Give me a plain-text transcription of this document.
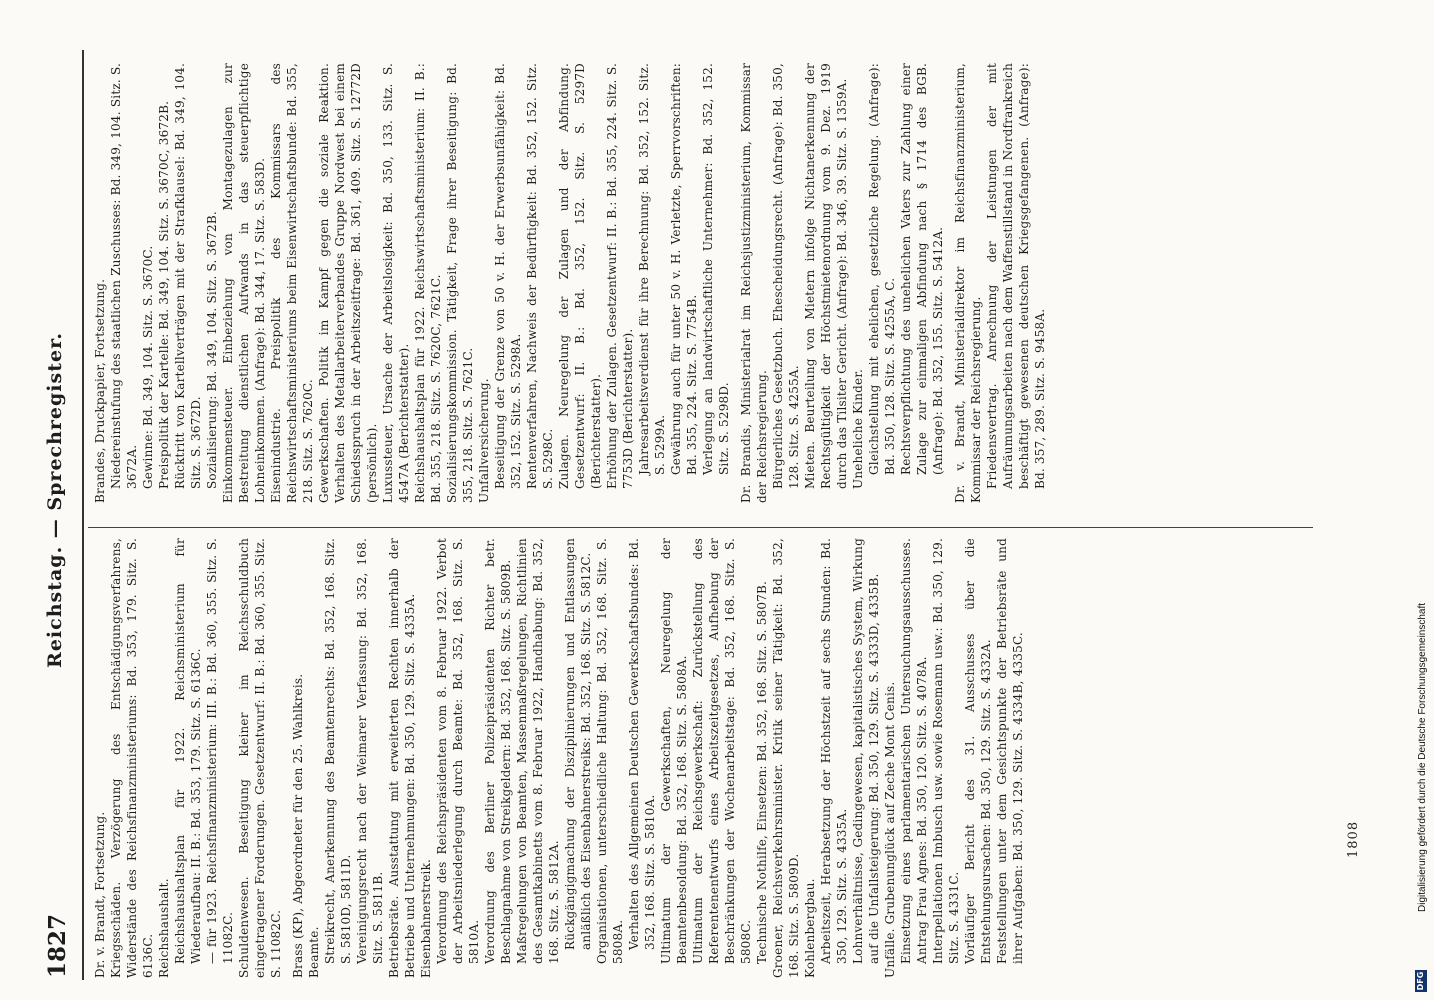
1827
Reichstag. — Sprechregister.

Dr. v. Brandt, Fortsetzung. Kriegsschäden. Verzögerung des Entschädigungsverfahrens, Widerstände des Reichsfinanzministeriums: Bd. 353, 179. Sitz. S. 6136C. Reichshaushalt. Reichshaushaltsplan für 1922. Reichsministerium für Wiederaufbau: II. B.: Bd. 353, 179. Sitz. S. 6136C. — für 1923. Reichsfinanzministerium: III. B.: Bd. 360, 355. Sitz. S. 11082C. Schuldenwesen. Beseitigung kleiner im Reichsschuldbuch eingetragener Forderungen. Gesetzentwurf: II. B.: Bd. 360, 355. Sitz. S. 11082C. Brass (KP), Abgeordneter für den 25. Wahlkreis. Beamte. Streikrecht, Anerkennung des Beamtenrechts: Bd. 352, 168. Sitz. S. 5810D, 5811D. Vereinigungsrecht nach der Weimarer Verfassung: Bd. 352, 168. Sitz. S. 5811B. Betriebsräte. Ausstattung mit erweiterten Rechten innerhalb der Betriebe und Unternehmungen: Bd. 350, 129. Sitz. S. 4335A. Eisenbahnerstreik. Verordnung des Reichspräsidenten vom 8. Februar 1922. Verbot der Arbeitsniederlegung durch Beamte: Bd. 352, 168. Sitz. S. 5810A. Verordnung des Berliner Polizeipräsidenten Richter betr. Beschlagnahme von Streikgeldern: Bd. 352, 168. Sitz. S. 5809B. Maßregelungen von Beamten, Massenmaßregelungen, Richtlinien des Gesamtkabinetts vom 8. Februar 1922, Handhabung: Bd. 352, 168. Sitz. S. 5812A. Rückgängigmachung der Disziplinierungen und Entlassungen anläßlich des Eisenbahnerstreiks: Bd. 352, 168. Sitz. S. 5812C. Organisationen, unterschiedliche Haltung: Bd. 352, 168. Sitz. S. 5808A. Verhalten des Allgemeinen Deutschen Gewerkschaftsbundes: Bd. 352, 168. Sitz. S. 5810A. Ultimatum der Gewerkschaften, Neuregelung der Beamtenbesoldung: Bd. 352, 168. Sitz. S. 5808A. Ultimatum der Reichsgewerkschaft: Zurückstellung des Referentenentwurfs eines Arbeitszeitgesetzes, Aufhebung der Beschränkungen der Wochenarbeitstage: Bd. 352, 168. Sitz. S. 5808C. Technische Nothilfe, Einsetzen: Bd. 352, 168. Sitz. S. 5807B. Groener, Reichsverkehrsminister. Kritik seiner Tätigkeit: Bd. 352, 168. Sitz. S. 5809D. Kohlenbergbau. Arbeitszeit, Herabsetzung der Höchstzeit auf sechs Stunden: Bd. 350, 129. Sitz. S. 4335A. Lohnverhältnisse, Gedingewesen, kapitalistisches System, Wirkung auf die Unfallsteigerung: Bd. 350, 129. Sitz. S. 4333D, 4335B. Unfälle. Grubenunglück auf Zeche Mont Cenis. Einsetzung eines parlamentarischen Untersuchungsausschusses. Antrag Frau Agnes: Bd. 350, 120. Sitz. S. 4078A. Interpellationen Imbusch usw. sowie Rosemann usw.: Bd. 350, 129. Sitz. S. 4331C. Vorläufiger Bericht des 31. Ausschusses über die Entstehungsursachen: Bd. 350, 129. Sitz. S. 4332A. Feststellungen unter dem Gesichtspunkte der Betriebsräte und ihrer Aufgaben: Bd. 350, 129. Sitz. S. 4334B, 4335C.

Brandes, Druckpapier, Fortsetzung. Niedereinstufung des staatlichen Zuschusses: Bd. 349, 104. Sitz. S. 3672A. Gewinne: Bd. 349, 104. Sitz. S. 3670C. Preispolitik der Kartelle: Bd. 349, 104. Sitz. S. 3670C, 3672B. Rücktritt von Kartellverträgen mit der Strafklausel: Bd. 349, 104. Sitz. S. 3672D. Sozialisierung: Bd. 349, 104. Sitz. S. 3672B. Einkommensteuer. Einbeziehung von Montagezulagen zur Bestreitung dienstlichen Aufwands in das steuerpflichtige Lohneinkommen. (Anfrage): Bd. 344, 17. Sitz. S. 583D. Eisenindustrie. Preispolitik des Kommissars des Reichswirtschaftsministeriums beim Eisenwirtschaftsbunde: Bd. 355, 218. Sitz. S. 7620C. Gewerkschaften. Politik im Kampf gegen die soziale Reaktion. Verhalten des Metallarbeiterverbandes Gruppe Nordwest bei einem Schiedsspruch in der Arbeitszeitfrage: Bd. 361, 409. Sitz. S. 12772D (persönlich). Luxussteuer, Ursache der Arbeitslosigkeit: Bd. 350, 133. Sitz. S. 4547A (Berichterstatter). Reichshaushaltsplan für 1922. Reichswirtschaftsministerium: II. B.: Bd. 355, 218. Sitz. S. 7620C, 7621C. Sozialisierungskommission. Tätigkeit, Frage ihrer Beseitigung: Bd. 355, 218. Sitz. S. 7621C. Unfallversicherung. Beseitigung der Grenze von 50 v. H. der Erwerbsunfähigkeit: Bd. 352, 152. Sitz. S. 5298A. Rentenverfahren, Nachweis der Bedürftigkeit: Bd. 352, 152. Sitz. S. 5298C. Zulagen. Neuregelung der Zulagen und der Abfindung. Gesetzentwurf: II. B.: Bd. 352, 152. Sitz. S. 5297D (Berichterstatter). Erhöhung der Zulagen. Gesetzentwurf: II. B.: Bd. 355, 224. Sitz. S. 7753D (Berichterstatter). Jahresarbeitsverdienst für ihre Berechnung: Bd. 352, 152. Sitz. S. 5299A. Gewährung auch für unter 50 v. H. Verletzte, Sperrvorschriften: Bd. 355, 224. Sitz. S. 7754B. Verlegung an landwirtschaftliche Unternehmer: Bd. 352, 152. Sitz. S. 5298D. Dr. Brandis, Ministerialrat im Reichsjustizministerium, Kommissar der Reichsregierung. Bürgerliches Gesetzbuch. Ehescheidungsrecht. (Anfrage): Bd. 350, 128. Sitz. S. 4255A. Mieten. Beurteilung von Mietern infolge Nichtanerkennung der Rechtsgültigkeit der Höchstmietenordnung vom 9. Dez. 1919 durch das Tilsiter Gericht. (Anfrage): Bd. 346, 39. Sitz. S. 1359A. Uneheliche Kinder. Gleichstellung mit ehelichen, gesetzliche Regelung. (Anfrage): Bd. 350, 128. Sitz. S. 4255A, C. Rechtsverpflichtung des unehelichen Vaters zur Zahlung einer Zulage zur einmaligen Abfindung nach § 1714 des BGB. (Anfrage): Bd. 352, 155. Sitz. S. 5412A. Dr. v. Brandt, Ministerialdirektor im Reichsfinanzministerium, Kommissar der Reichsregierung. Friedensvertrag. Anrechnung der Leistungen der mit Aufräumungsarbeiten nach dem Waffenstillstand in Nordfrankreich beschäftigt gewesenen deutschen Kriegsgefangenen. (Anfrage): Bd. 357, 289. Sitz. S. 9458A.

1808
DFG
Digitalisierung gefördert durch die Deutsche Forschungsgemeinschaft
